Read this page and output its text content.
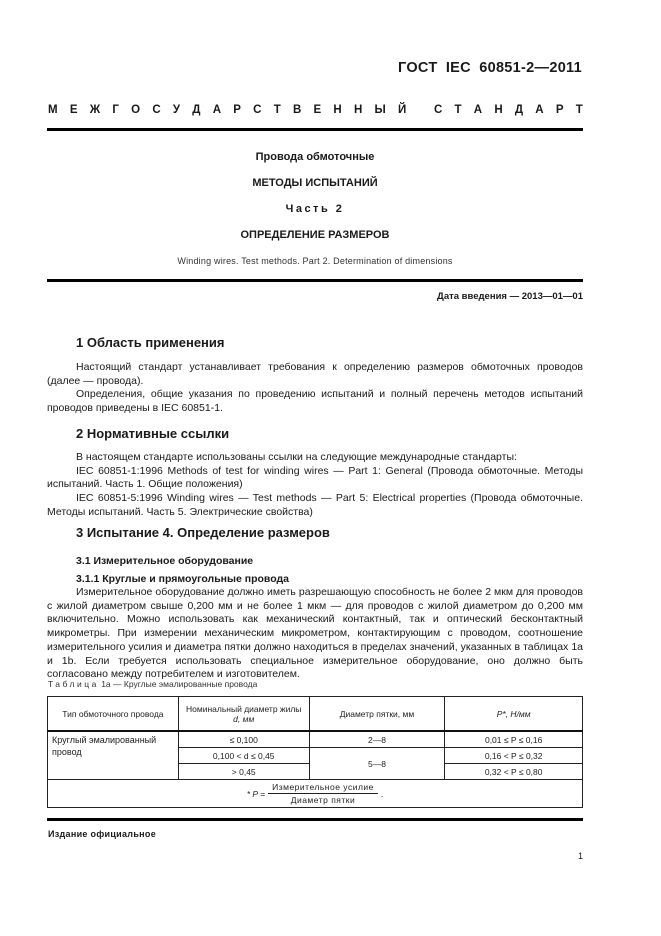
ГОСТ IEC 60851-2—2011
М Е Ж Г О С У Д А Р С Т В Е Н Н Ы Й
С Т А Н Д А Р Т
Провода обмоточные
МЕТОДЫ ИСПЫТАНИЙ
Часть 2
ОПРЕДЕЛЕНИЕ РАЗМЕРОВ
Winding wires. Test methods. Part 2. Determination of dimensions
Дата введения — 2013—01—01
1 Область применения

Настоящий стандарт устанавливает требования к определению размеров обмоточных проводов (далее — провода).

Определения, общие указания по проведению испытаний и полный перечень методов испытаний проводов приведены в IEC 60851-1.

2 Нормативные ссылки

В настоящем стандарте использованы ссылки на следующие международные стандарты:

IEC 60851-1:1996 Methods of test for winding wires — Part 1: General (Провода обмоточные. Методы испытаний. Часть 1. Общие положения)

IEC 60851-5:1996 Winding wires — Test methods — Part 5: Electrical properties (Провода обмоточные. Методы испытаний. Часть 5. Электрические свойства)

3 Испытание 4. Определение размеров
3.1 Измерительное оборудование
3.1.1 Круглые и прямоугольные провода

Измерительное оборудование должно иметь разрешающую способность не более 2 мкм для проводов с жилой диаметром свыше 0,200 мм и не более 1 мкм — для проводов с жилой диаметром до 0,200 мм включительно. Можно использовать как механический контактный, так и оптический бесконтактный микрометры. При измерении механическим микрометром, контактирующим с проводом, соотношение измерительного усилия и диаметра пятки должно находиться в пределах значений, указанных в таблицах 1a и 1b. Если требуется использовать специальное измерительное оборудование, оно должно быть согласовано между потребителем и изготовителем.

Таблица 1a — Круглые эмалированные провода
Тип обмоточного провода	Номинальный диаметр жилы
d, мм	Диаметр пятки, мм	P*, Н/мм
Круглый эмалированный провод	≤ 0,100	2—8	0,01 ≤ P ≤ 0,16
	0,100 < d ≤ 0,45	5—8	0,16 < P ≤ 0,32
	> 0,45		0,32 < P ≤ 0,80

* $P = \frac{\text{Измерительное усилие}}{\text{Диаметр пятки}}$ .			
Издание официальное
1
